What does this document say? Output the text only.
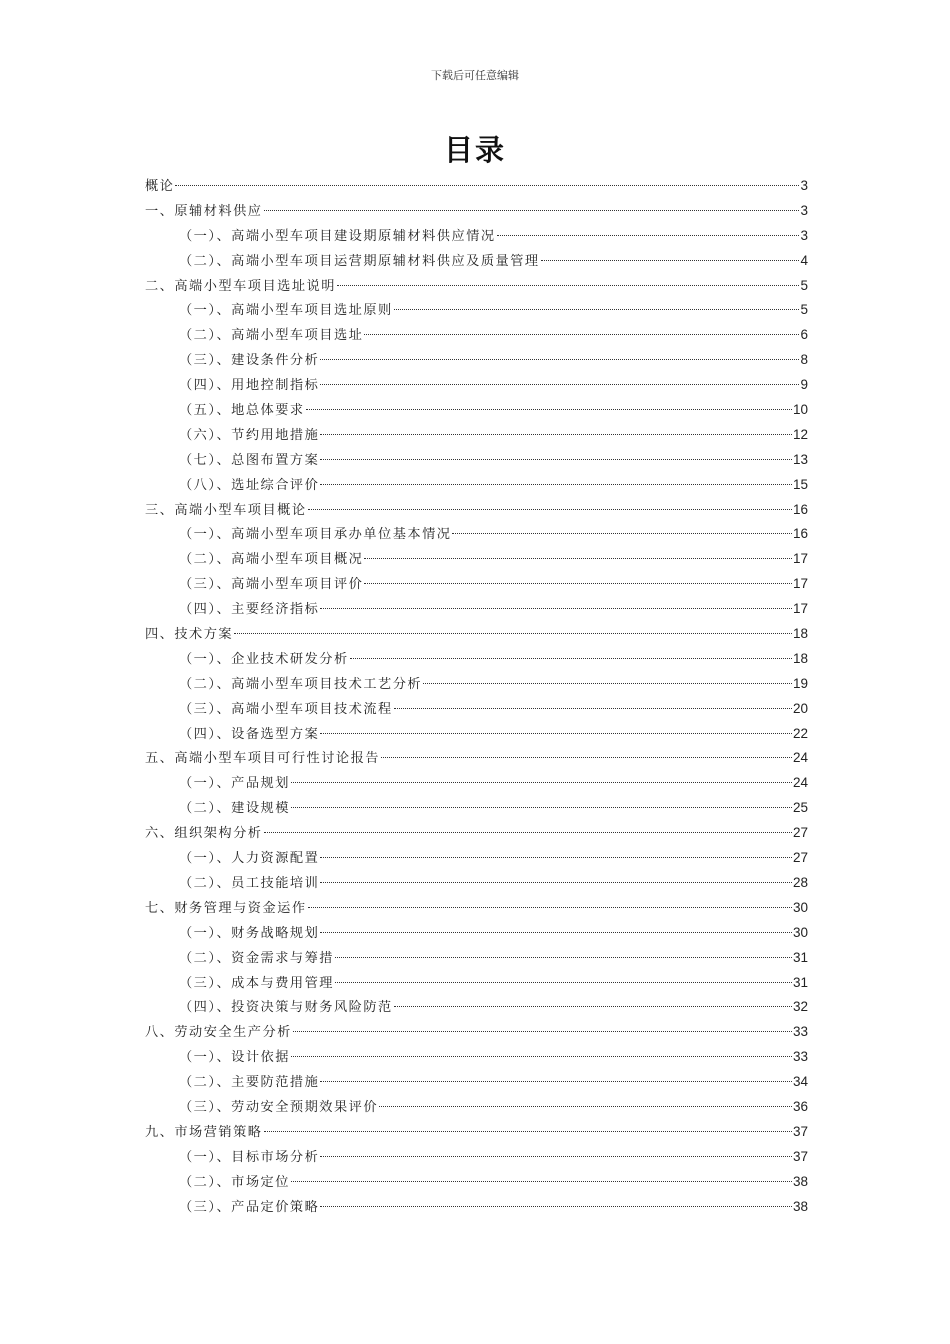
下载后可任意编辑
目录
概论	3
一、原辅材料供应	3
（一）、高端小型车项目建设期原辅材料供应情况	3
（二）、高端小型车项目运营期原辅材料供应及质量管理	4
二、高端小型车项目选址说明	5
（一）、高端小型车项目选址原则	5
（二）、高端小型车项目选址	6
（三）、建设条件分析	8
（四）、用地控制指标	9
（五）、地总体要求	10
（六）、节约用地措施	12
（七）、总图布置方案	13
（八）、选址综合评价	15
三、高端小型车项目概论	16
（一）、高端小型车项目承办单位基本情况	16
（二）、高端小型车项目概况	17
（三）、高端小型车项目评价	17
（四）、主要经济指标	17
四、技术方案	18
（一）、企业技术研发分析	18
（二）、高端小型车项目技术工艺分析	19
（三）、高端小型车项目技术流程	20
（四）、设备选型方案	22
五、高端小型车项目可行性讨论报告	24
（一）、产品规划	24
（二）、建设规模	25
六、组织架构分析	27
（一）、人力资源配置	27
（二）、员工技能培训	28
七、财务管理与资金运作	30
（一）、财务战略规划	30
（二）、资金需求与筹措	31
（三）、成本与费用管理	31
（四）、投资决策与财务风险防范	32
八、劳动安全生产分析	33
（一）、设计依据	33
（二）、主要防范措施	34
（三）、劳动安全预期效果评价	36
九、市场营销策略	37
（一）、目标市场分析	37
（二）、市场定位	38
（三）、产品定价策略	38
